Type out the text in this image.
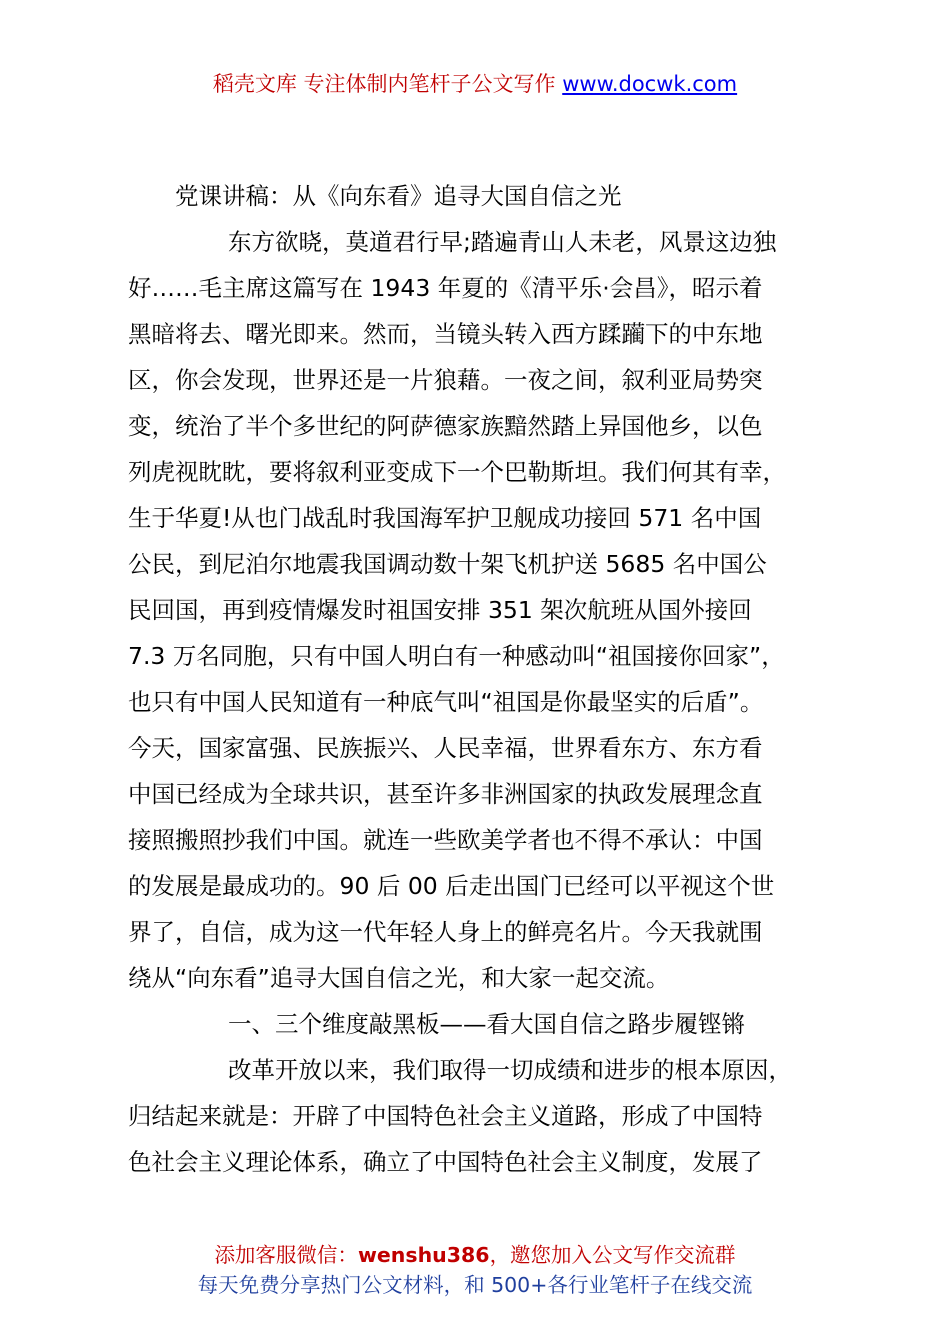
稻壳文库 专注体制内笔杆子公文写作 www.docwk.com

党课讲稿：从《向东看》追寻大国自信之光

东方欲晓，莫道君行早;踏遍青山人未老，风景这边独
好……毛主席这篇写在 1943 年夏的《清平乐·会昌》，昭示着
黑暗将去、曙光即来。然而，当镜头转入西方蹂躏下的中东地
区，你会发现，世界还是一片狼藉。一夜之间，叙利亚局势突
变，统治了半个多世纪的阿萨德家族黯然踏上异国他乡，以色
列虎视眈眈，要将叙利亚变成下一个巴勒斯坦。我们何其有幸，
生于华夏!从也门战乱时我国海军护卫舰成功接回 571 名中国
公民，到尼泊尔地震我国调动数十架飞机护送 5685 名中国公
民回国，再到疫情爆发时祖国安排 351 架次航班从国外接回
7.3 万名同胞，只有中国人明白有一种感动叫“祖国接你回家”，
也只有中国人民知道有一种底气叫“祖国是你最坚实的后盾”。
今天，国家富强、民族振兴、人民幸福，世界看东方、东方看
中国已经成为全球共识，甚至许多非洲国家的执政发展理念直
接照搬照抄我们中国。就连一些欧美学者也不得不承认：中国
的发展是最成功的。90 后 00 后走出国门已经可以平视这个世
界了，自信，成为这一代年轻人身上的鲜亮名片。今天我就围
绕从“向东看”追寻大国自信之光，和大家一起交流。
一、三个维度敲黑板——看大国自信之路步履铿锵
改革开放以来，我们取得一切成绩和进步的根本原因，
归结起来就是：开辟了中国特色社会主义道路，形成了中国特
色社会主义理论体系，确立了中国特色社会主义制度，发展了
添加客服微信：wenshu386，邀您加入公文写作交流群
每天免费分享热门公文材料，和 500+各行业笔杆子在线交流
